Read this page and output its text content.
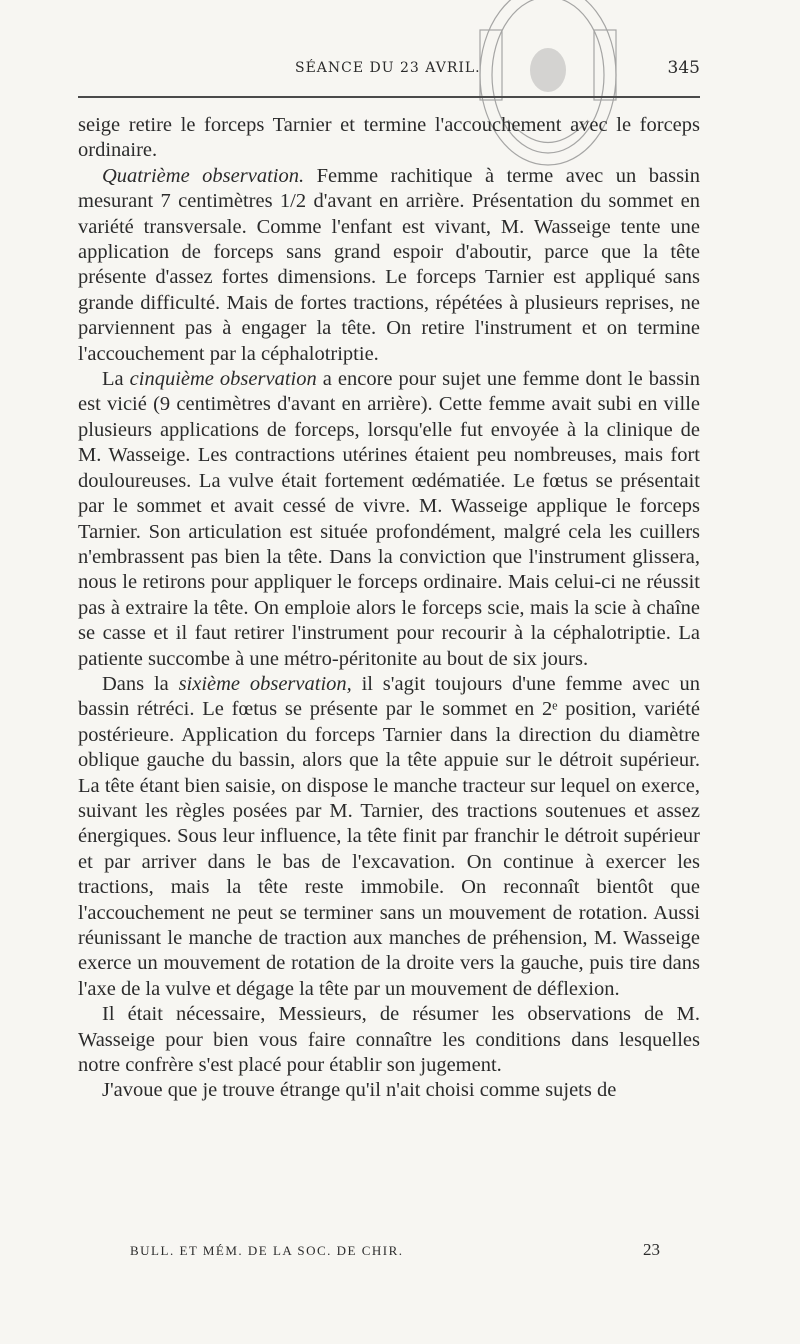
SÉANCE DU 23 AVRIL.	345

seige retire le forceps Tarnier et termine l'accouchement avec le forceps ordinaire.

Quatrième observation. Femme rachitique à terme avec un bassin mesurant 7 centimètres 1/2 d'avant en arrière. Présentation du sommet en variété transversale. Comme l'enfant est vivant, M. Wasseige tente une application de forceps sans grand espoir d'aboutir, parce que la tête présente d'assez fortes dimensions. Le forceps Tarnier est appliqué sans grande difficulté. Mais de fortes tractions, répétées à plusieurs reprises, ne parviennent pas à engager la tête. On retire l'instrument et on termine l'accouchement par la céphalotriptie.

La cinquième observation a encore pour sujet une femme dont le bassin est vicié (9 centimètres d'avant en arrière). Cette femme avait subi en ville plusieurs applications de forceps, lorsqu'elle fut envoyée à la clinique de M. Wasseige. Les contractions utérines étaient peu nombreuses, mais fort douloureuses. La vulve était fortement œdématiée. Le fœtus se présentait par le sommet et avait cessé de vivre. M. Wasseige applique le forceps Tarnier. Son articulation est située profondément, malgré cela les cuillers n'embrassent pas bien la tête. Dans la conviction que l'instrument glissera, nous le retirons pour appliquer le forceps ordinaire. Mais celui-ci ne réussit pas à extraire la tête. On emploie alors le forceps scie, mais la scie à chaîne se casse et il faut retirer l'instrument pour recourir à la céphalotriptie. La patiente succombe à une métro-péritonite au bout de six jours.

Dans la sixième observation, il s'agit toujours d'une femme avec un bassin rétréci. Le fœtus se présente par le sommet en 2ᵉ position, variété postérieure. Application du forceps Tarnier dans la direction du diamètre oblique gauche du bassin, alors que la tête appuie sur le détroit supérieur. La tête étant bien saisie, on dispose le manche tracteur sur lequel on exerce, suivant les règles posées par M. Tarnier, des tractions soutenues et assez énergiques. Sous leur influence, la tête finit par franchir le détroit supérieur et par arriver dans le bas de l'excavation. On continue à exercer les tractions, mais la tête reste immobile. On reconnaît bientôt que l'accouchement ne peut se terminer sans un mouvement de rotation. Aussi réunissant le manche de traction aux manches de préhension, M. Wasseige exerce un mouvement de rotation de la droite vers la gauche, puis tire dans l'axe de la vulve et dégage la tête par un mouvement de déflexion.

Il était nécessaire, Messieurs, de résumer les observations de M. Wasseige pour bien vous faire connaître les conditions dans lesquelles notre confrère s'est placé pour établir son jugement.

J'avoue que je trouve étrange qu'il n'ait choisi comme sujets de

BULL. ET MÉM. DE LA SOC. DE CHIR.	23
